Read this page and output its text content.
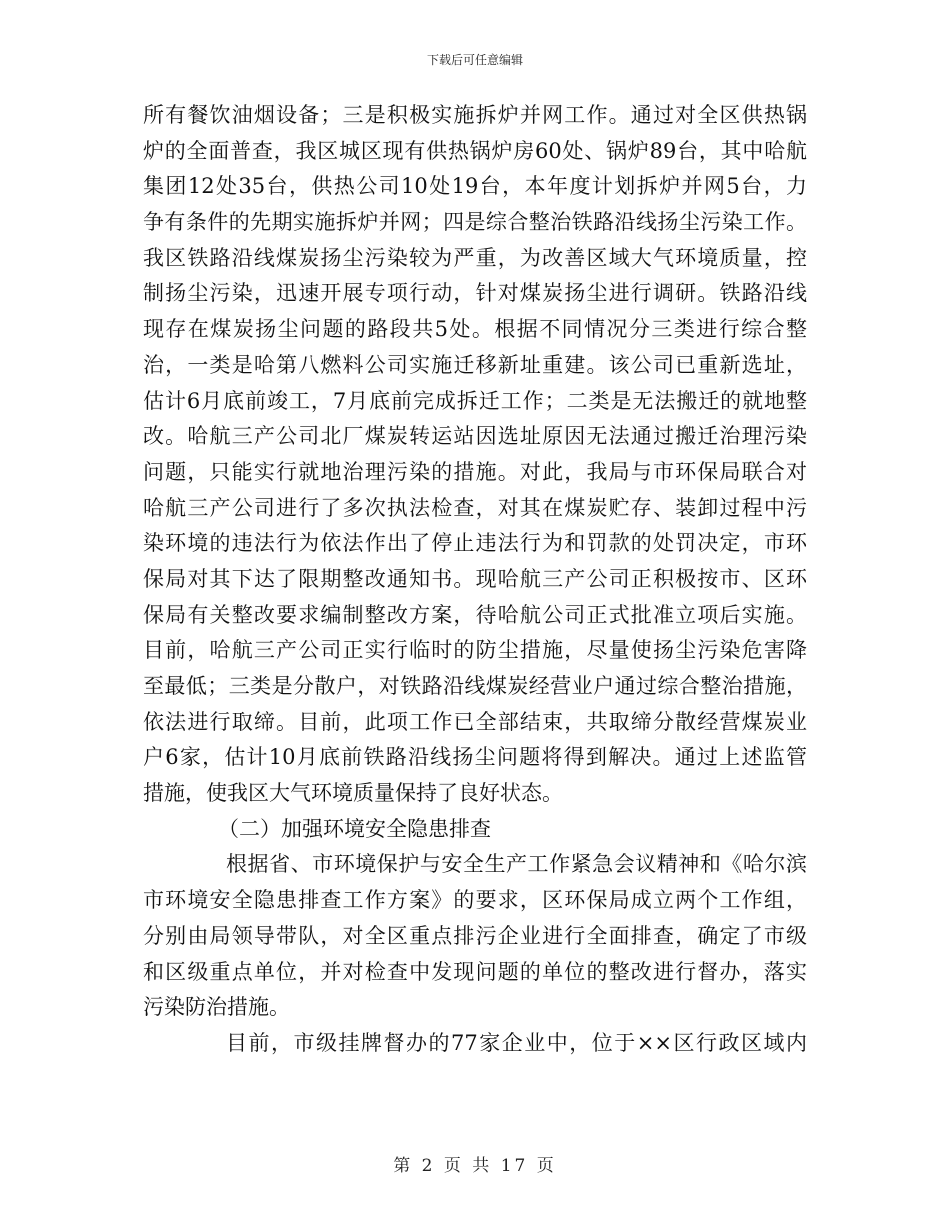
下载后可任意编辑
所有餐饮油烟设备；三是积极实施拆炉并网工作。通过对全区供热锅
炉的全面普查，我区城区现有供热锅炉房60处、锅炉89台，其中哈航
集团12处35台，供热公司10处19台，本年度计划拆炉并网5台，力
争有条件的先期实施拆炉并网；四是综合整治铁路沿线扬尘污染工作。
我区铁路沿线煤炭扬尘污染较为严重，为改善区域大气环境质量，控
制扬尘污染，迅速开展专项行动，针对煤炭扬尘进行调研。铁路沿线
现存在煤炭扬尘问题的路段共5处。根据不同情况分三类进行综合整
治，一类是哈第八燃料公司实施迁移新址重建。该公司已重新选址，
估计6月底前竣工，7月底前完成拆迁工作；二类是无法搬迁的就地整
改。哈航三产公司北厂煤炭转运站因选址原因无法通过搬迁治理污染
问题，只能实行就地治理污染的措施。对此，我局与市环保局联合对
哈航三产公司进行了多次执法检查，对其在煤炭贮存、装卸过程中污
染环境的违法行为依法作出了停止违法行为和罚款的处罚决定，市环
保局对其下达了限期整改通知书。现哈航三产公司正积极按市、区环
保局有关整改要求编制整改方案，待哈航公司正式批准立项后实施。
目前，哈航三产公司正实行临时的防尘措施，尽量使扬尘污染危害降
至最低；三类是分散户，对铁路沿线煤炭经营业户通过综合整治措施，
依法进行取缔。目前，此项工作已全部结束，共取缔分散经营煤炭业
户6家，估计10月底前铁路沿线扬尘问题将得到解决。通过上述监管
措施，使我区大气环境质量保持了良好状态。
（二）加强环境安全隐患排查
根据省、市环境保护与安全生产工作紧急会议精神和《哈尔滨
市环境安全隐患排查工作方案》的要求，区环保局成立两个工作组，
分别由局领导带队，对全区重点排污企业进行全面排查，确定了市级
和区级重点单位，并对检查中发现问题的单位的整改进行督办，落实
污染防治措施。
目前，市级挂牌督办的77家企业中，位于××区行政区域内
第 2 页 共 17 页
